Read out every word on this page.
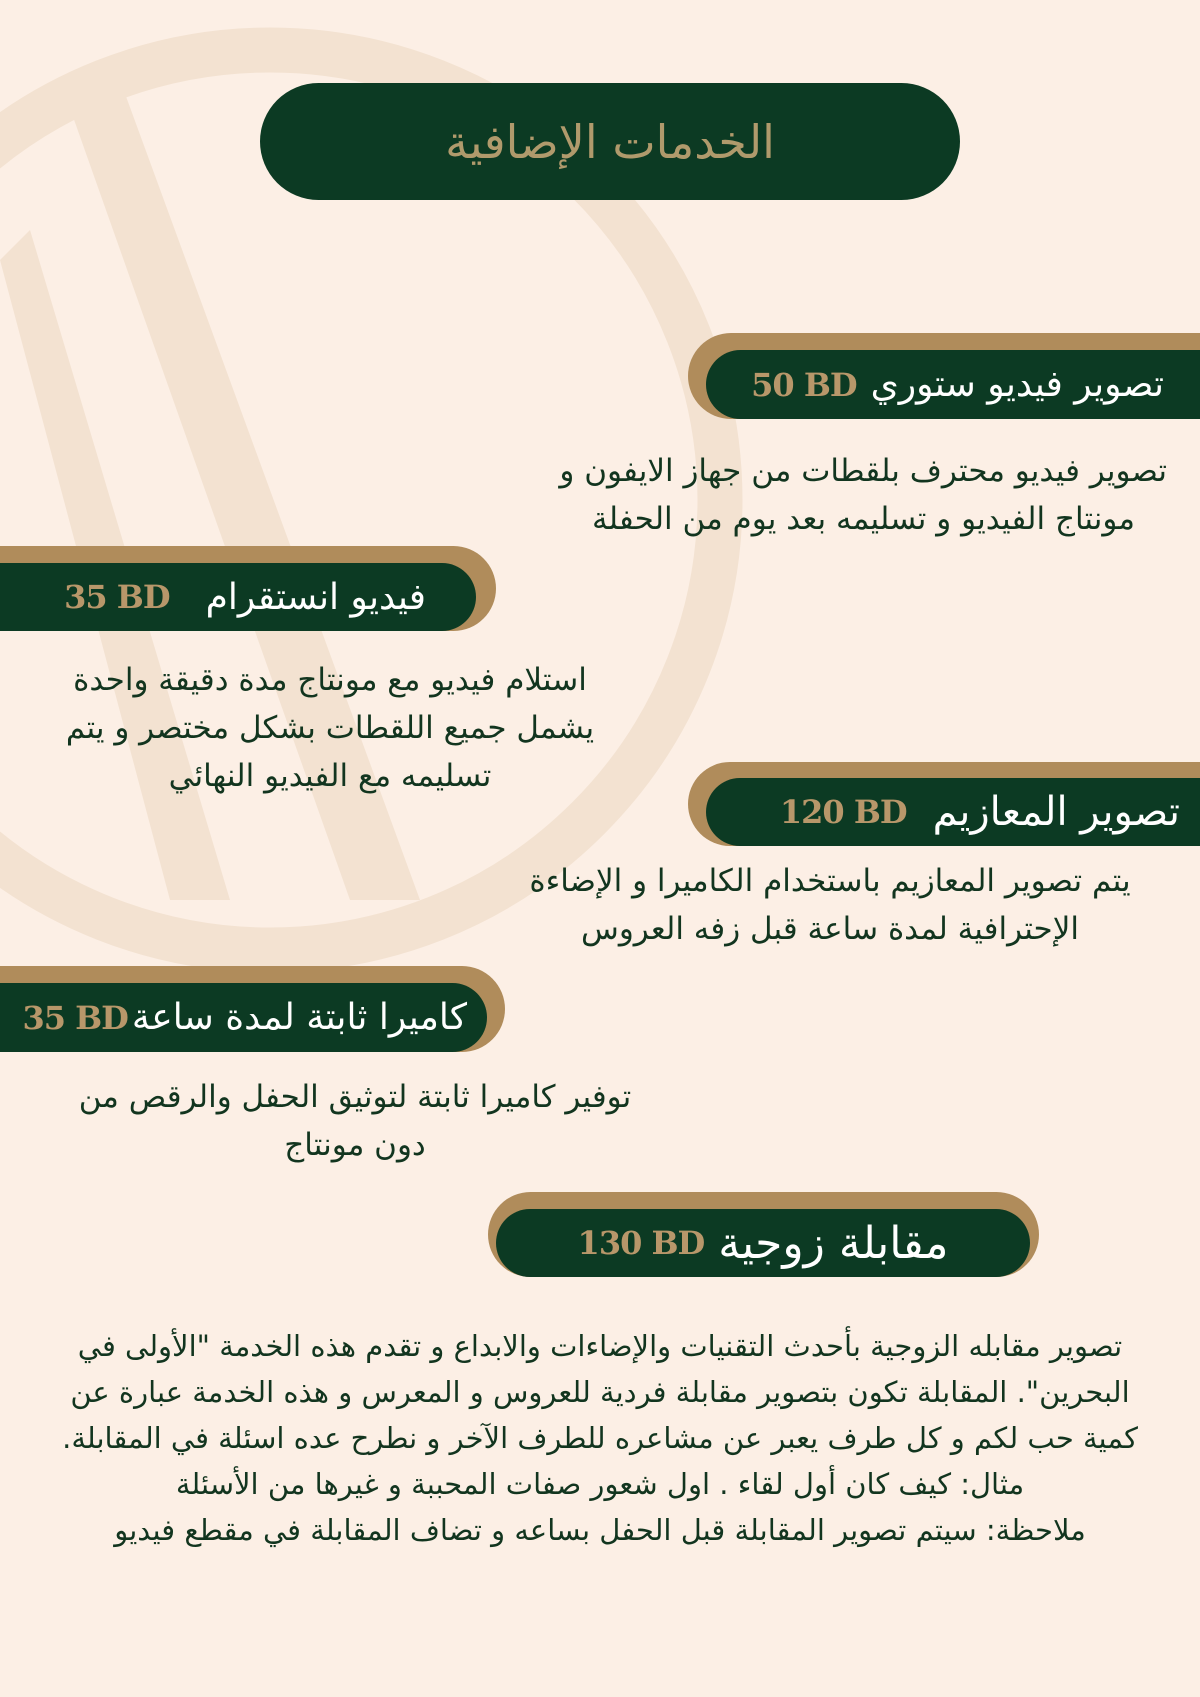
الخدمات الإضافية
تصوير فيديو ستوري
50 BD
تصوير فيديو محترف بلقطات من جهاز الايفون و
مونتاج الفيديو و تسليمه بعد يوم من الحفلة
فيديو انستقرام
35 BD
استلام فيديو مع مونتاج مدة دقيقة واحدة
يشمل جميع اللقطات بشكل مختصر و يتم
تسليمه مع الفيديو النهائي
تصوير المعازيم
120 BD
يتم تصوير المعازيم باستخدام الكاميرا و الإضاءة
الإحترافية لمدة ساعة قبل زفه العروس
كاميرا ثابتة لمدة ساعة
35 BD
توفير كاميرا ثابتة لتوثيق الحفل والرقص من
دون مونتاج
مقابلة زوجية
130 BD
تصوير مقابله الزوجية بأحدث التقنيات والإضاءات والابداع و تقدم هذه الخدمة "الأولى في
البحرين". المقابلة تكون بتصوير مقابلة فردية للعروس و المعرس و هذه الخدمة عبارة عن
كمية حب لكم و كل طرف يعبر عن مشاعره للطرف الآخر و نطرح عده اسئلة في المقابلة.
مثال: كيف كان أول لقاء . اول شعور صفات المحببة و غيرها من الأسئلة
ملاحظة: سيتم تصوير المقابلة قبل الحفل بساعه و تضاف المقابلة في مقطع فيديو
